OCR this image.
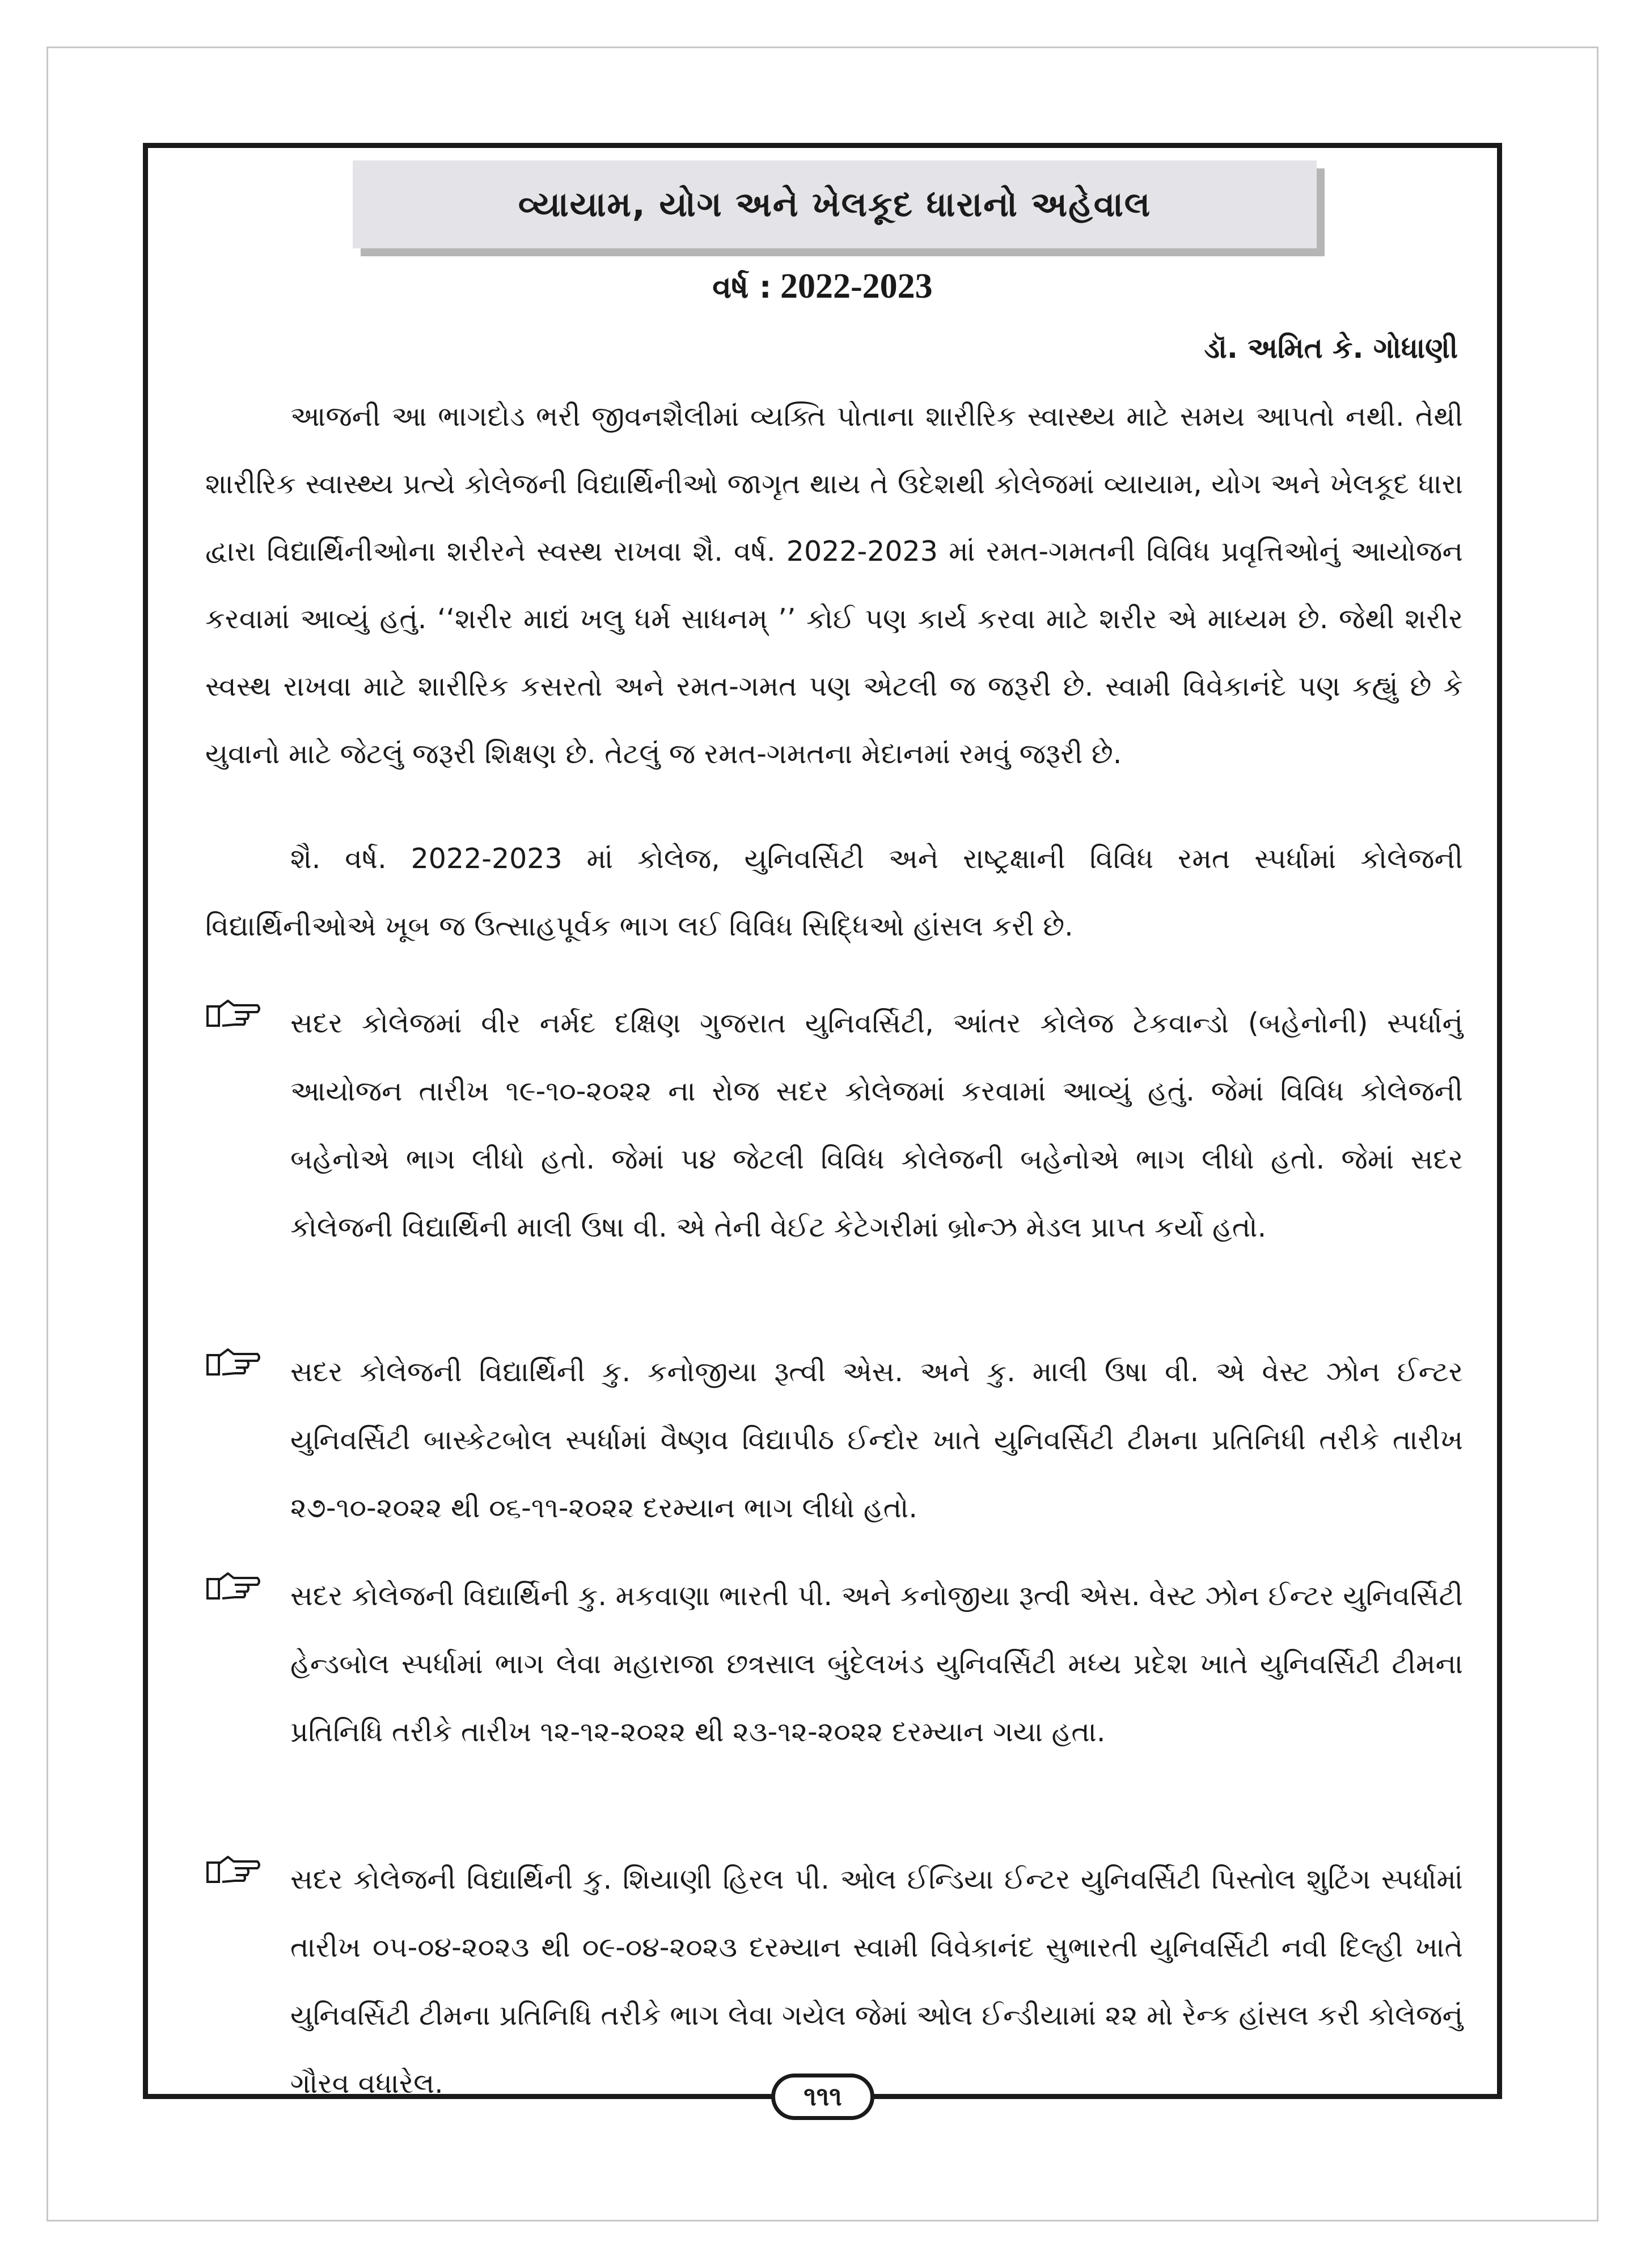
વ્યાયામ, યોગ અને ખેલકૂદ ધારાનો અહેવાલ
વર્ષ : 2022-2023
ડૉ. અમિત કે. ગોધાણી

આજની આ ભાગદોડ ભરી જીવનશૈલીમાં વ્યક્તિ પોતાના શારીરિક સ્વાસ્થ્ય માટે સમય આપતો નથી. તેથી શારીરિક સ્વાસ્થ્ય પ્રત્યે કોલેજની વિદ્યાર્થિનીઓ જાગૃત થાય તે ઉદેશથી કોલેજમાં વ્યાયામ, યોગ અને ખેલકૂદ ધારા દ્વારા વિદ્યાર્થિનીઓના શરીરને સ્વસ્થ રાખવા શૈ. વર્ષ. 2022-2023 માં રમત-ગમતની વિવિધ પ્રવૃત્તિઓનું આયોજન કરવામાં આવ્યું હતું. ‘‘શરીર માદ્યં ખલુ ધર્મ સાધનમ્ ’’ કોઈ પણ કાર્ય કરવા માટે શરીર એ માધ્યમ છે. જેથી શરીર સ્વસ્થ રાખવા માટે શારીરિક કસરતો અને રમત-ગમત પણ એટલી જ જરૂરી છે. સ્વામી વિવેકાનંદે પણ કહ્યું છે કે યુવાનો માટે જેટલું જરૂરી શિક્ષણ છે. તેટલું જ રમત-ગમતના મેદાનમાં રમવું જરૂરી છે.

શૈ. વર્ષ. 2022-2023 માં કોલેજ, યુનિવર્સિટી અને રાષ્ટ્રક્ષાની વિવિધ રમત સ્પર્ધામાં કોલેજની વિદ્યાર્થિનીઓએ ખૂબ જ ઉત્સાહપૂર્વક ભાગ લઈ વિવિધ સિદ્ધિઓ હાંસલ કરી છે.

સદર કોલેજમાં વીર નર્મદ દક્ષિણ ગુજરાત યુનિવર્સિટી, આંતર કોલેજ ટેકવાન્ડો (બહેનોની) સ્પર્ધાનું આયોજન તારીખ ૧૯-૧૦-૨૦૨૨ ના રોજ સદર કોલેજમાં કરવામાં આવ્યું હતું. જેમાં વિવિધ કોલેજની બહેનોએ ભાગ લીધો હતો. જેમાં ૫૪ જેટલી વિવિધ કોલેજની બહેનોએ ભાગ લીધો હતો. જેમાં સદર કોલેજની વિદ્યાર્થિની માલી ઉષા વી. એ તેની વેઈટ કેટેગરીમાં બ્રોન્ઝ મેડલ પ્રાપ્ત કર્યો હતો.

સદર કોલેજની વિદ્યાર્થિની કુ. કનોજીયા રૂત્વી એસ. અને કુ. માલી ઉષા વી. એ વેસ્ટ ઝોન ઈન્ટર યુનિવર્સિટી બાસ્કેટબોલ સ્પર્ધામાં વૈષ્ણવ વિદ્યાપીઠ ઈન્દોર ખાતે યુનિવર્સિટી ટીમના પ્રતિનિધી તરીકે તારીખ ૨૭-૧૦-૨૦૨૨ થી ૦૬-૧૧-૨૦૨૨ દરમ્યાન ભાગ લીધો હતો.

સદર કોલેજની વિદ્યાર્થિની કુ. મકવાણા ભારતી પી. અને કનોજીયા રૂત્વી એસ. વેસ્ટ ઝોન ઈન્ટર યુનિવર્સિટી હેન્ડબોલ સ્પર્ધામાં ભાગ લેવા મહારાજા છત્રસાલ બુંદેલખંડ યુનિવર્સિટી મધ્ય પ્રદેશ ખાતે યુનિવર્સિટી ટીમના પ્રતિનિધિ તરીકે તારીખ ૧૨-૧૨-૨૦૨૨ થી ૨૩-૧૨-૨૦૨૨ દરમ્યાન ગયા હતા.

સદર કોલેજની વિદ્યાર્થિની કુ. શિયાણી હિરલ પી. ઓલ ઈન્ડિયા ઈન્ટર યુનિવર્સિટી પિસ્તોલ શુટિંગ સ્પર્ધામાં તારીખ ૦૫-૦૪-૨૦૨૩ થી ૦૯-૦૪-૨૦૨૩ દરમ્યાન સ્વામી વિવેકાનંદ સુભારતી યુનિવર્સિટી નવી દિલ્હી ખાતે યુનિવર્સિટી ટીમના પ્રતિનિધિ તરીકે ભાગ લેવા ગયેલ જેમાં ઓલ ઈન્ડીયામાં ૨૨ મો રેન્ક હાંસલ કરી કોલેજનું ગૌરવ વધારેલ.	૧૧૧
